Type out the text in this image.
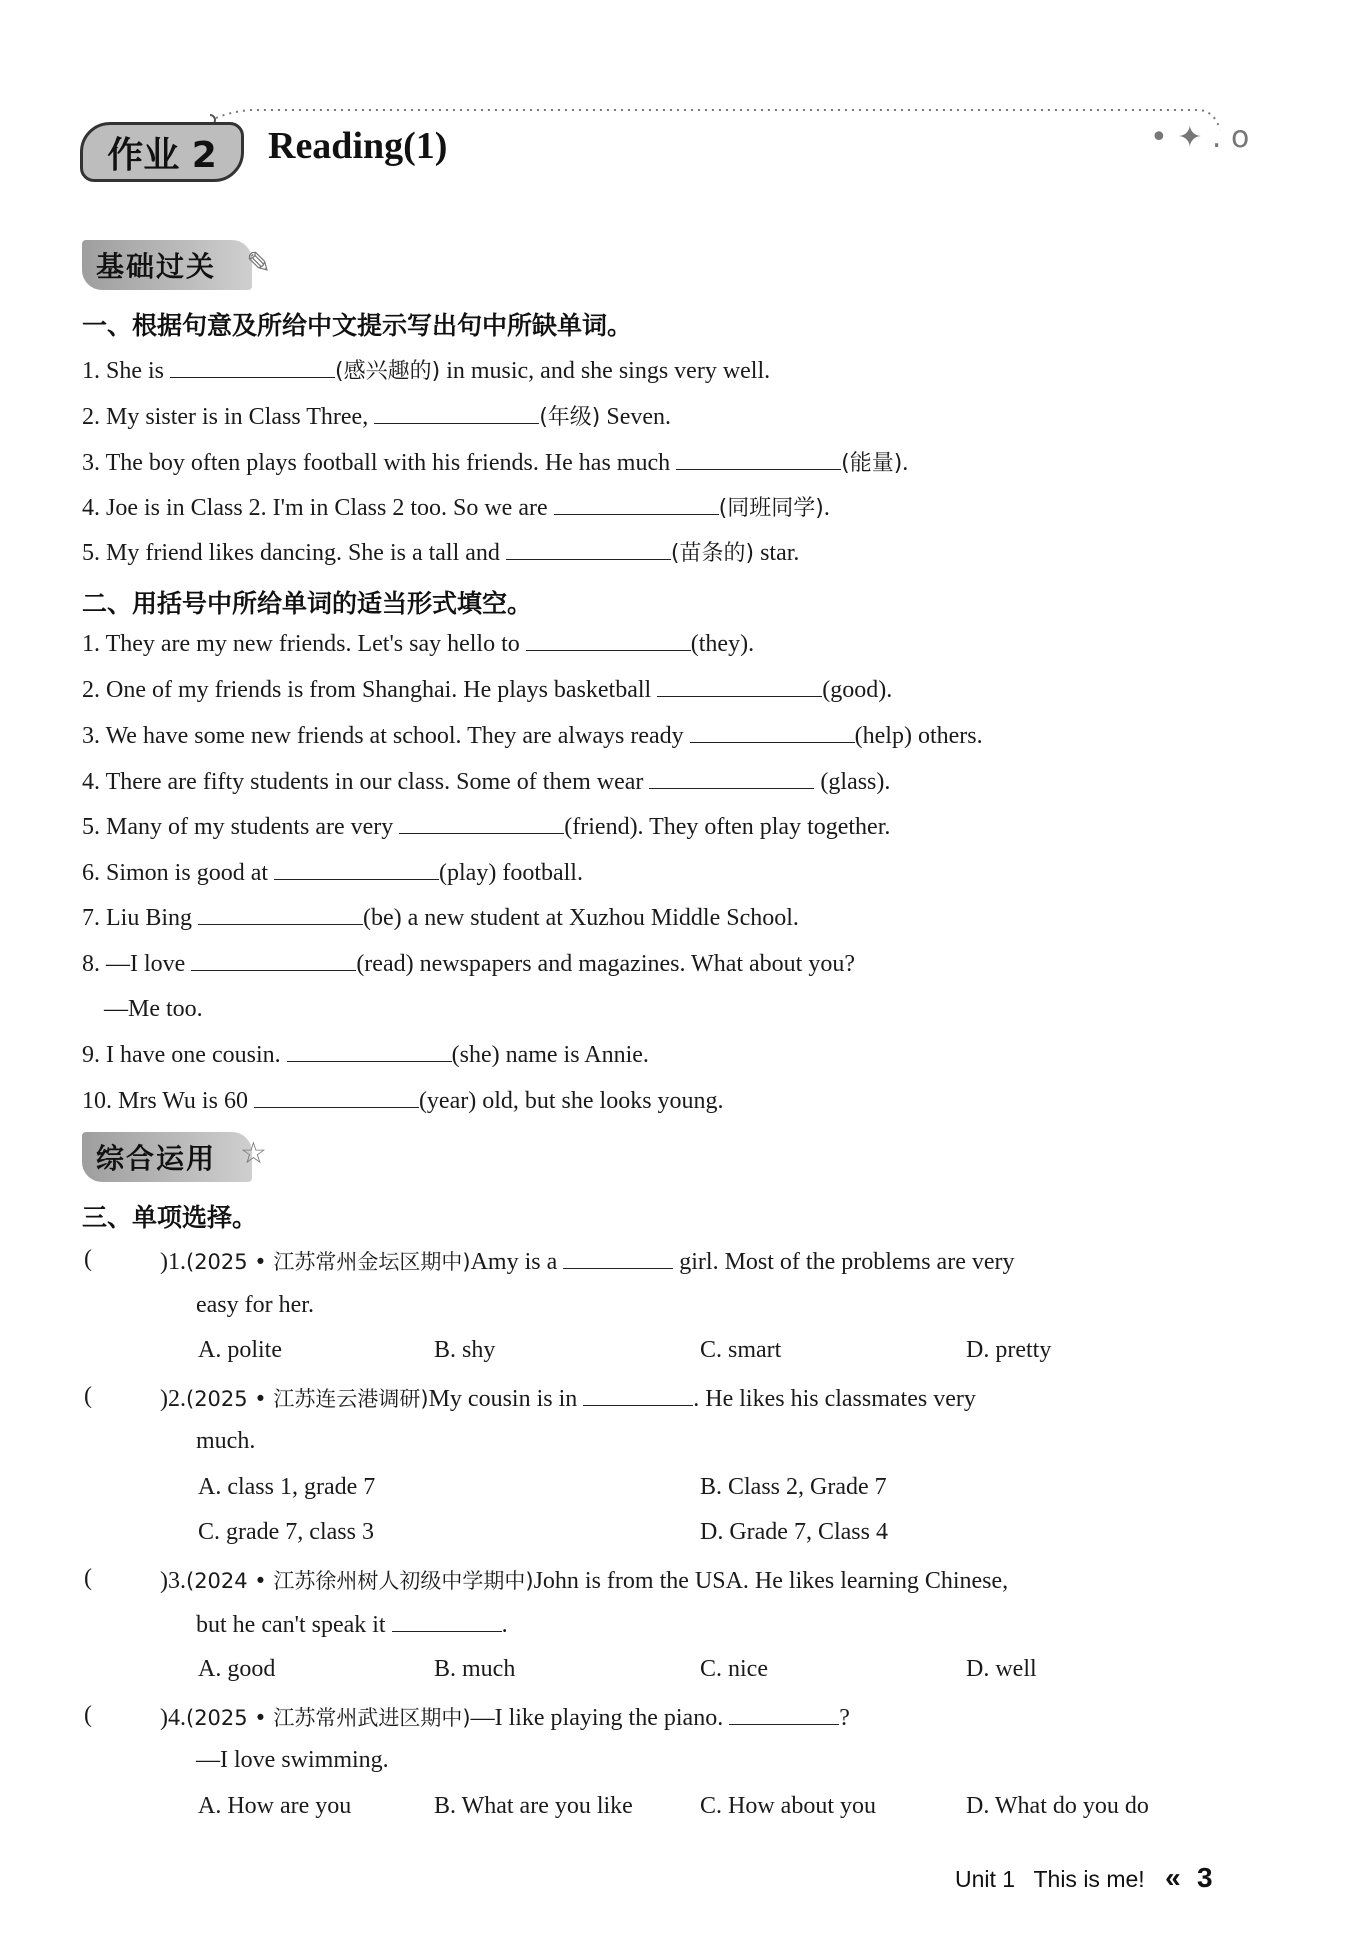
作业 2	Reading(1)	• ✦ . o
基础过关 ✎
一、根据句意及所给中文提示写出句中所缺单词。
1. She is	(感兴趣的) in music, and she sings very well.
2. My sister is in Class Three,	(年级) Seven.
3. The boy often plays football with his friends. He has much	(能量).
4. Joe is in Class 2. I'm in Class 2 too. So we are	(同班同学).
5. My friend likes dancing. She is a tall and	(苗条的) star.
二、用括号中所给单词的适当形式填空。
1. They are my new friends. Let's say hello to	(they).
2. One of my friends is from Shanghai. He plays basketball	(good).
3. We have some new friends at school. They are always ready	(help) others.
4. There are fifty students in our class. Some of them wear	(glass).
5. Many of my students are very	(friend). They often play together.
6. Simon is good at	(play) football.
7. Liu Bing	(be) a new student at Xuzhou Middle School.
8. —I love	(read) newspapers and magazines. What about you?
—Me too.
9. I have one cousin.	(she) name is Annie.
10. Mrs Wu is 60	(year) old, but she looks young.
综合运用 ☆
三、单项选择。
(	)1.(2025 • 江苏常州金坛区期中)Amy is a	girl. Most of the problems are very
easy for her.
A. polite	B. shy	C. smart	D. pretty
(	)2.(2025 • 江苏连云港调研)My cousin is in	. He likes his classmates very
much.
A. class 1, grade 7	B. Class 2, Grade 7
C. grade 7, class 3	D. Grade 7, Class 4
(	)3.(2024 • 江苏徐州树人初级中学期中)John is from the USA. He likes learning Chinese,
but he can't speak it	.
A. good	B. much	C. nice	D. well
(	)4.(2025 • 江苏常州武进区期中)—I like playing the piano.	?
—I love swimming.
A. How are you	B. What are you like	C. How about you	D. What do you do
Unit 1 This is me! « 3
